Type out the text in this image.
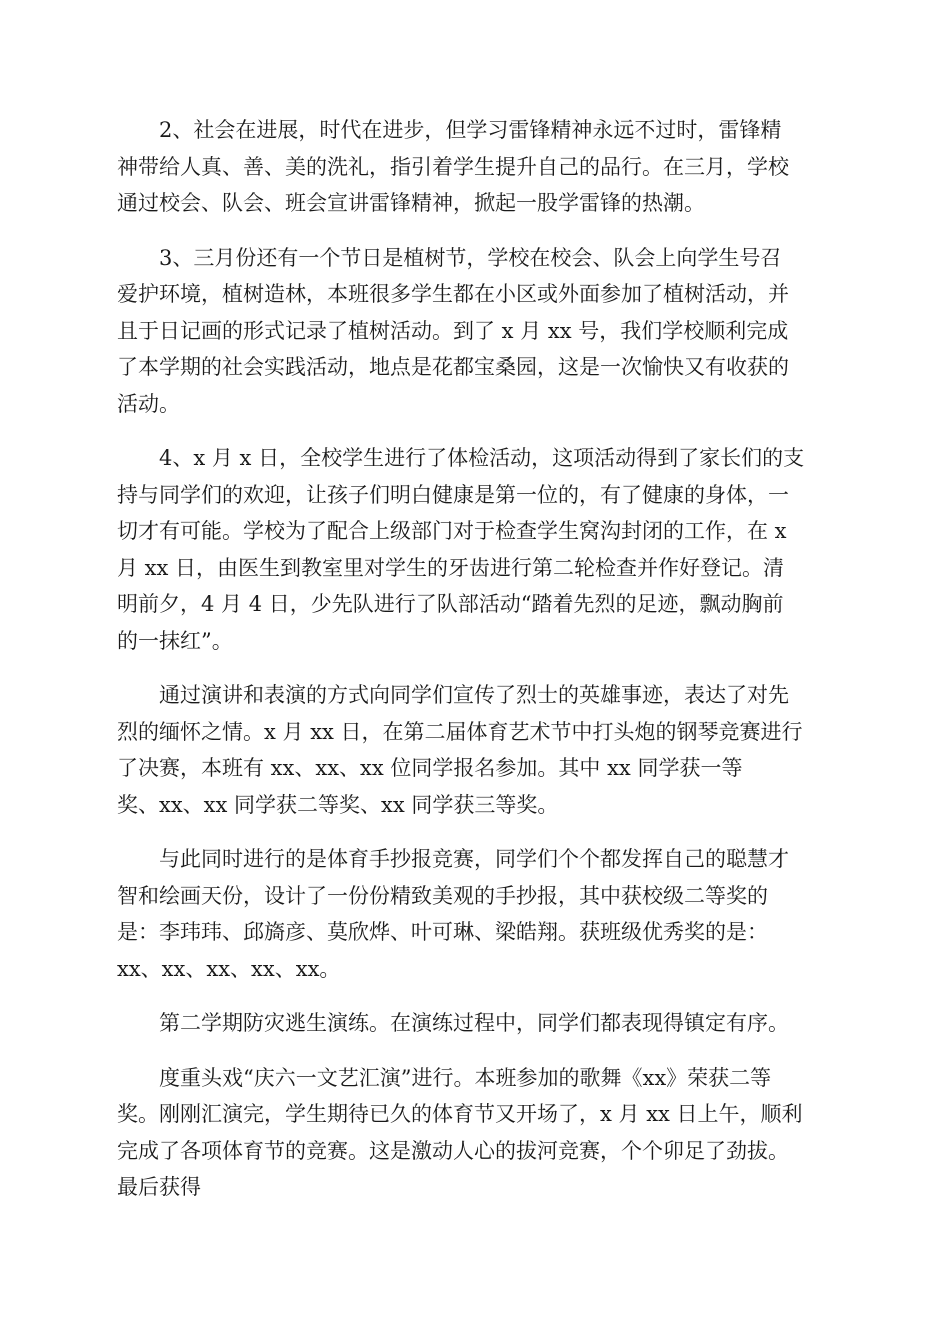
2、社会在进展，时代在进步，但学习雷锋精神永远不过时，雷锋精
神带给人真、善、美的洗礼，指引着学生提升自己的品行。在三月，学校
通过校会、队会、班会宣讲雷锋精神，掀起一股学雷锋的热潮。
3、三月份还有一个节日是植树节，学校在校会、队会上向学生号召
爱护环境，植树造林，本班很多学生都在小区或外面参加了植树活动，并
且于日记画的形式记录了植树活动。到了 x 月 xx 号，我们学校顺利完成
了本学期的社会实践活动，地点是花都宝桑园，这是一次愉快又有收获的
活动。
4、x 月 x 日，全校学生进行了体检活动，这项活动得到了家长们的支
持与同学们的欢迎，让孩子们明白健康是第一位的，有了健康的身体，一
切才有可能。学校为了配合上级部门对于检查学生窝沟封闭的工作，在 x
月 xx 日，由医生到教室里对学生的牙齿进行第二轮检查并作好登记。清
明前夕，4 月 4 日，少先队进行了队部活动“踏着先烈的足迹，飘动胸前
的一抹红”。
通过演讲和表演的方式向同学们宣传了烈士的英雄事迹，表达了对先
烈的缅怀之情。x 月 xx 日，在第二届体育艺术节中打头炮的钢琴竞赛进行
了决赛，本班有 xx、xx、xx 位同学报名参加。其中 xx 同学获一等
奖、xx、xx 同学获二等奖、xx 同学获三等奖。
与此同时进行的是体育手抄报竞赛，同学们个个都发挥自己的聪慧才
智和绘画天份，设计了一份份精致美观的手抄报，其中获校级二等奖的
是：李玮玮、邱旖彦、莫欣烨、叶可琳、梁皓翔。获班级优秀奖的是：
xx、xx、xx、xx、xx。
第二学期防灾逃生演练。在演练过程中，同学们都表现得镇定有序。
度重头戏“庆六一文艺汇演”进行。本班参加的歌舞《xx》荣获二等
奖。刚刚汇演完，学生期待已久的体育节又开场了，x 月 xx 日上午，顺利
完成了各项体育节的竞赛。这是激动人心的拔河竞赛，个个卯足了劲拔。
最后获得
